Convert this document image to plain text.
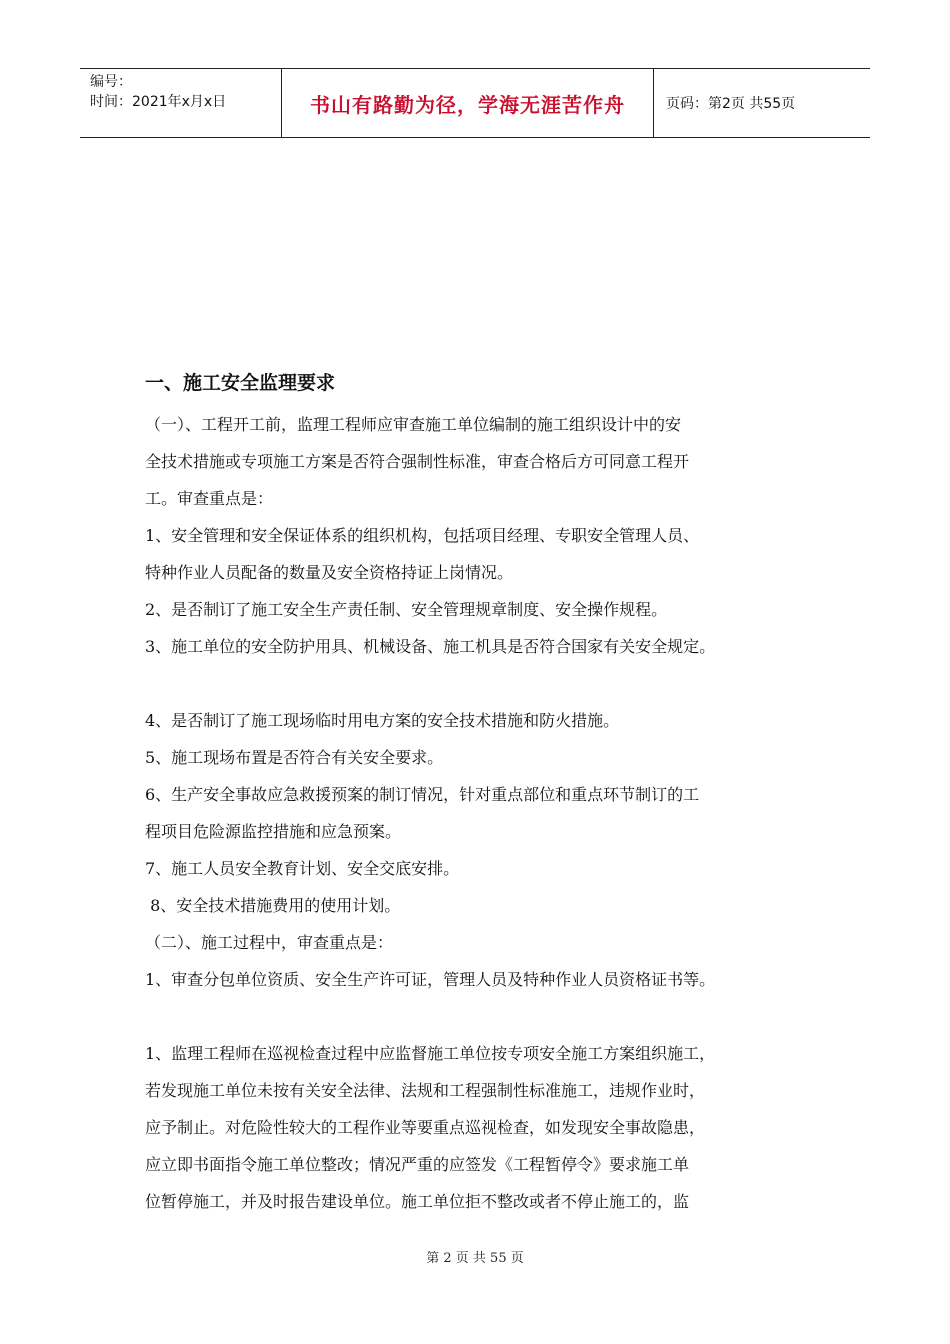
编号：
时间：2021年x月x日	书山有路勤为径，学海无涯苦作舟	页码：第2页 共55页
一、施工安全监理要求

（一）、工程开工前，监理工程师应审查施工单位编制的施工组织设计中的安

全技术措施或专项施工方案是否符合强制性标准，审查合格后方可同意工程开

工。审查重点是：

1、安全管理和安全保证体系的组织机构，包括项目经理、专职安全管理人员、

特种作业人员配备的数量及安全资格持证上岗情况。

2、是否制订了施工安全生产责任制、安全管理规章制度、安全操作规程。

3、施工单位的安全防护用具、机械设备、施工机具是否符合国家有关安全规定。

4、是否制订了施工现场临时用电方案的安全技术措施和防火措施。

5、施工现场布置是否符合有关安全要求。

6、生产安全事故应急救援预案的制订情况，针对重点部位和重点环节制订的工

程项目危险源监控措施和应急预案。

7、施工人员安全教育计划、安全交底安排。

8、安全技术措施费用的使用计划。

（二）、施工过程中，审查重点是：

1、审查分包单位资质、安全生产许可证，管理人员及特种作业人员资格证书等。

1、监理工程师在巡视检查过程中应监督施工单位按专项安全施工方案组织施工，

若发现施工单位未按有关安全法律、法规和工程强制性标准施工，违规作业时，

应予制止。对危险性较大的工程作业等要重点巡视检查，如发现安全事故隐患，

应立即书面指令施工单位整改；情况严重的应签发《工程暂停令》要求施工单

位暂停施工，并及时报告建设单位。施工单位拒不整改或者不停止施工的，监

第 2 页 共 55 页
